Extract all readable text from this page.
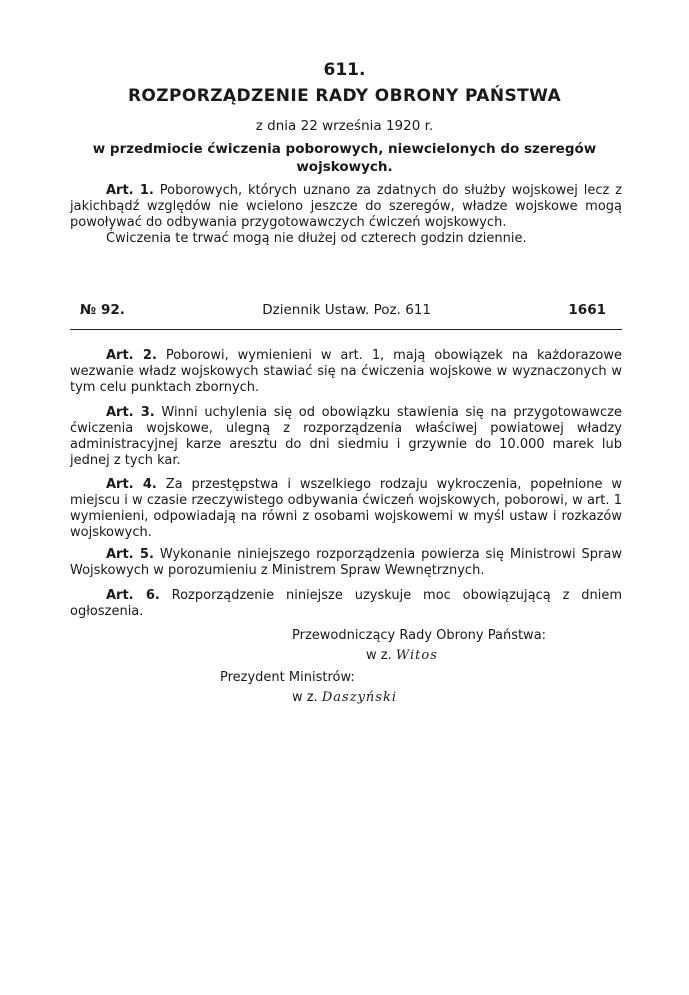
611.
ROZPORZĄDZENIE RADY OBRONY PAŃSTWA
z dnia 22 września 1920 r.
w przedmiocie ćwiczenia poborowych, niewcielonych do szeregów wojskowych.

Art. 1. Poborowych, których uznano za zdatnych do służby wojskowej lecz z jakichbądź względów nie wcielono jeszcze do szeregów, władze wojskowe mogą powoływać do odbywania przygotowawczych ćwiczeń wojskowych.

Ćwiczenia te trwać mogą nie dłużej od czterech godzin dziennie.

№ 92.	Dziennik Ustaw. Poz. 611	1661

Art. 2. Poborowi, wymienieni w art. 1, mają obowiązek na każdorazowe wezwanie władz wojskowych stawiać się na ćwiczenia wojskowe w wyznaczonych w tym celu punktach zbornych.

Art. 3. Winni uchylenia się od obowiązku stawienia się na przygotowawcze ćwiczenia wojskowe, ulegną z rozporządzenia właściwej powiatowej władzy administracyjnej karze aresztu do dni siedmiu i grzywnie do 10.000 marek lub jednej z tych kar.

Art. 4. Za przestępstwa i wszelkiego rodzaju wykroczenia, popełnione w miejscu i w czasie rzeczywistego odbywania ćwiczeń wojskowych, poborowi, w art. 1 wymienieni, odpowiadają na równi z osobami wojskowemi w myśl ustaw i rozkazów wojskowych.

Art. 5. Wykonanie niniejszego rozporządzenia powierza się Ministrowi Spraw Wojskowych w porozumieniu z Ministrem Spraw Wewnętrznych.

Art. 6. Rozporządzenie niniejsze uzyskuje moc obowiązującą z dniem ogłoszenia.

Przewodniczący Rady Obrony Państwa:
w z. Witos
Prezydent Ministrów:
w z. Daszyński
